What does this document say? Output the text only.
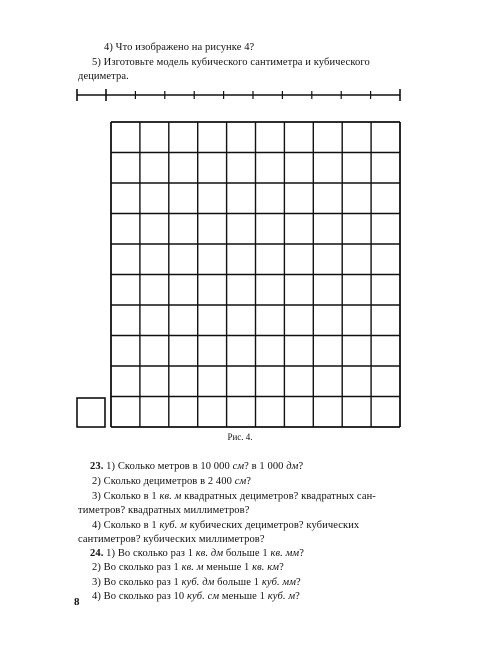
4) Что изображено на рисунке 4?
5) Изготовьте модель кубического сантиметра и кубического
дециметра.
Рис. 4.
23. 1) Сколько метров в 10 000 см? в 1 000 дм?
2) Сколько дециметров в 2 400 см?
3) Сколько в 1 кв. м квадратных дециметров? квадратных сан-
тиметров? квадратных миллиметров?
4) Сколько в 1 куб. м кубических дециметров? кубических
сантиметров? кубических миллиметров?
24. 1) Во сколько раз 1 кв. дм больше 1 кв. мм?
2) Во сколько раз 1 кв. м меньше 1 кв. км?
3) Во сколько раз 1 куб. дм больше 1 куб. мм?
4) Во сколько раз 10 куб. см меньше 1 куб. м?
8
